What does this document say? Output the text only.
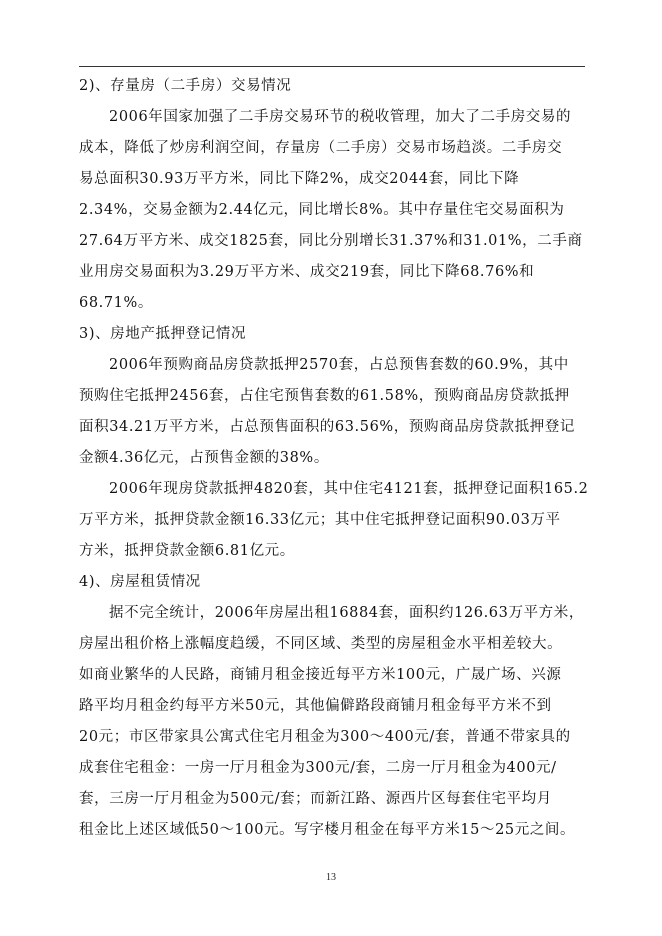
2)、存量房（二手房）交易情况
2006年国家加强了二手房交易环节的税收管理，加大了二手房交易的
成本，降低了炒房利润空间，存量房（二手房）交易市场趋淡。二手房交
易总面积30.93万平方米，同比下降2%，成交2044套，同比下降
2.34%，交易金额为2.44亿元，同比增长8%。其中存量住宅交易面积为
27.64万平方米、成交1825套，同比分别增长31.37%和31.01%，二手商
业用房交易面积为3.29万平方米、成交219套，同比下降68.76%和
68.71%。
3)、房地产抵押登记情况
2006年预购商品房贷款抵押2570套，占总预售套数的60.9%，其中
预购住宅抵押2456套，占住宅预售套数的61.58%，预购商品房贷款抵押
面积34.21万平方米，占总预售面积的63.56%，预购商品房贷款抵押登记
金额4.36亿元，占预售金额的38%。
2006年现房贷款抵押4820套，其中住宅4121套，抵押登记面积165.2
万平方米，抵押贷款金额16.33亿元；其中住宅抵押登记面积90.03万平
方米，抵押贷款金额6.81亿元。
4)、房屋租赁情况
据不完全统计，2006年房屋出租16884套，面积约126.63万平方米，
房屋出租价格上涨幅度趋缓，不同区域、类型的房屋租金水平相差较大。
如商业繁华的人民路，商铺月租金接近每平方米100元，广晟广场、兴源
路平均月租金约每平方米50元，其他偏僻路段商铺月租金每平方米不到
20元；市区带家具公寓式住宅月租金为300～400元/套，普通不带家具的
成套住宅租金：一房一厅月租金为300元/套，二房一厅月租金为400元/
套，三房一厅月租金为500元/套；而新江路、源西片区每套住宅平均月
租金比上述区域低50～100元。写字楼月租金在每平方米15～25元之间。
13
